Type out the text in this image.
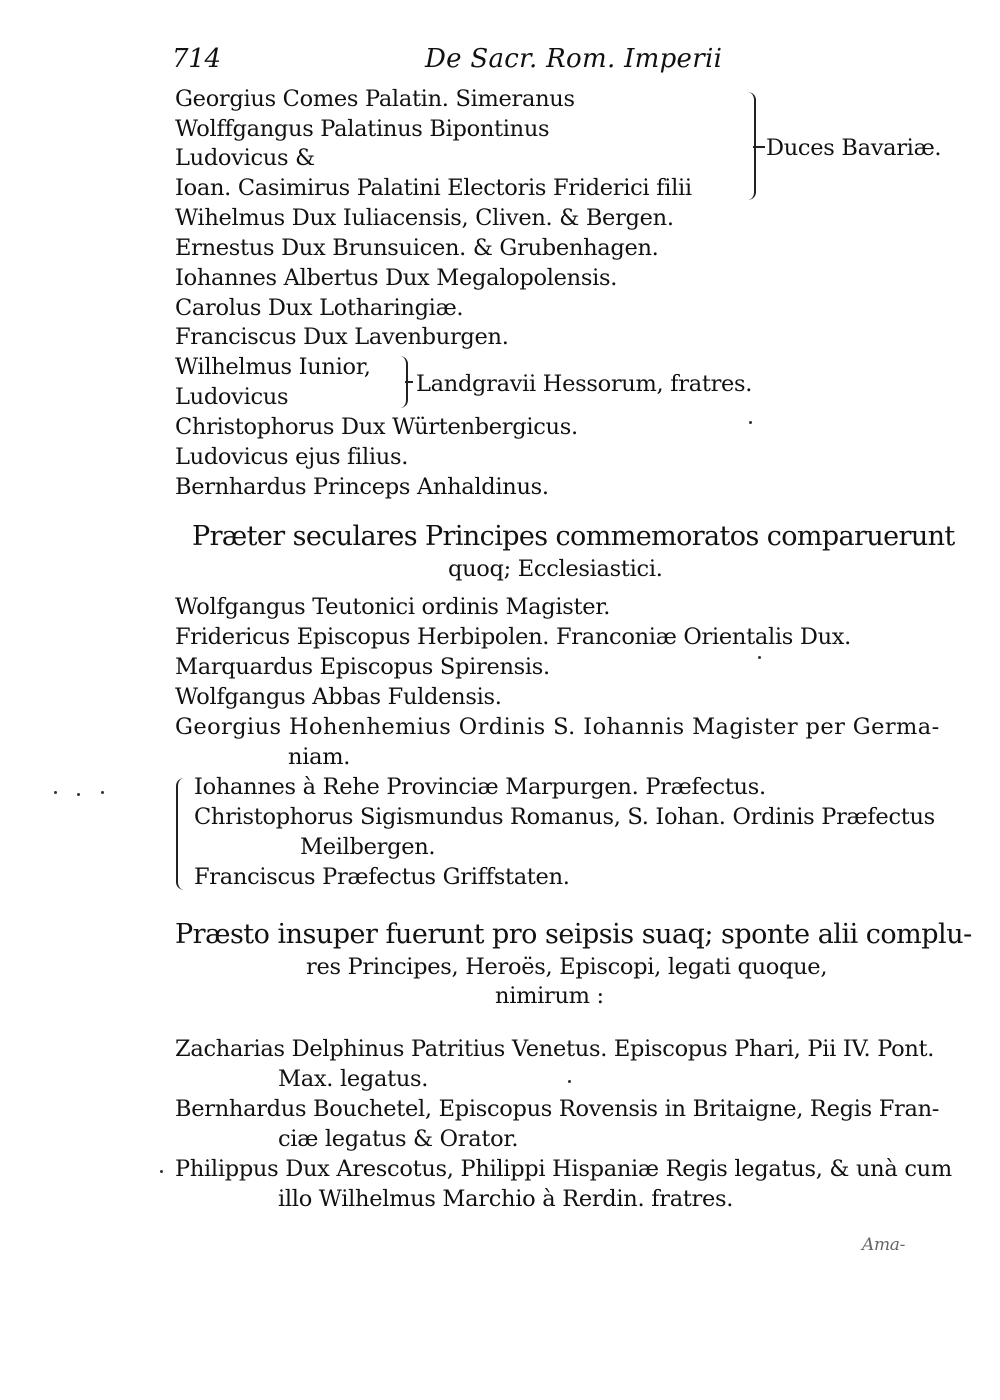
714	De Sacr. Rom. Imperii
Georgius Comes Palatin. Simeranus
Wolffgangus Palatinus Bipontinus
Ludovicus &
Ioan. Casimirus Palatini Electoris Friderici filii
Duces Bavariæ.
Wihelmus Dux Iuliacensis, Cliven. & Bergen.
Ernestus Dux Brunsuicen. & Grubenhagen.
Iohannes Albertus Dux Megalopolensis.
Carolus Dux Lotharingiæ.
Franciscus Dux Lavenburgen.
Wilhelmus Iunior,
Ludovicus	Landgravii Hessorum, fratres.
Christophorus Dux Würtenbergicus.
Ludovicus ejus filius.
Bernhardus Princeps Anhaldinus.
Præter seculares Principes commemoratos comparuerunt
quoq; Ecclesiastici.
Wolfgangus Teutonici ordinis Magister.
Fridericus Episcopus Herbipolen. Franconiæ Orientalis Dux.
Marquardus Episcopus Spirensis.
Wolfgangus Abbas Fuldensis.
Georgius Hohenhemius Ordinis S. Iohannis Magister per Germa-
niam.
Iohannes à Rehe Provinciæ Marpurgen. Præfectus.
Christophorus Sigismundus Romanus, S. Iohan. Ordinis Præfectus
Meilbergen.
Franciscus Præfectus Griffstaten.
Præsto insuper fuerunt pro seipsis suaq; sponte alii complu-
res Principes, Heroës, Episcopi, legati quoque,
nimirum :
Zacharias Delphinus Patritius Venetus. Episcopus Phari, Pii IV. Pont.
Max. legatus.
Bernhardus Bouchetel, Episcopus Rovensis in Britaigne, Regis Fran-
ciæ legatus & Orator.
Philippus Dux Arescotus, Philippi Hispaniæ Regis legatus, & unà cum
illo Wilhelmus Marchio à Rerdin. fratres.
Ama-
